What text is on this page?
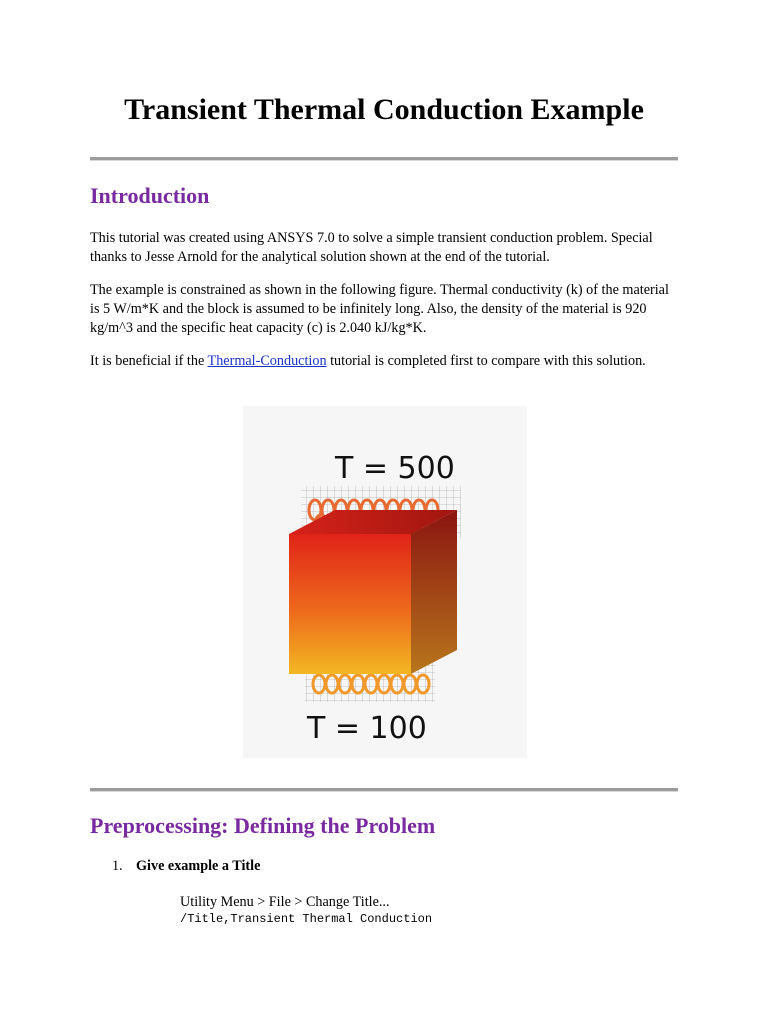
Transient Thermal Conduction Example
Introduction

This tutorial was created using ANSYS 7.0 to solve a simple transient conduction problem. Special thanks to Jesse Arnold for the analytical solution shown at the end of the tutorial.

The example is constrained as shown in the following figure. Thermal conductivity (k) of the material is 5 W/m*K and the block is assumed to be infinitely long. Also, the density of the material is 920 kg/m^3 and the specific heat capacity (c) is 2.040 kJ/kg*K.

It is beneficial if the Thermal-Conduction tutorial is completed first to compare with this solution.

T = 500
T = 100
Preprocessing: Defining the Problem
1. Give example a Title
Utility Menu > File > Change Title...
/Title,Transient Thermal Conduction
